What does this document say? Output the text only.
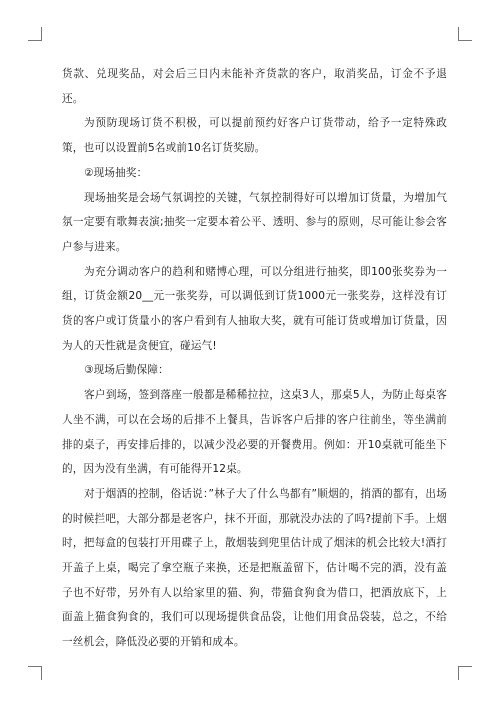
货款、兑现奖品，对会后三日内未能补齐货款的客户，取消奖品，订金不予退还。

为预防现场订货不积极，可以提前预约好客户订货带动，给予一定特殊政策，也可以设置前5名或前10名订货奖励。

②现场抽奖：

现场抽奖是会场气氛调控的关键，气氛控制得好可以增加订货量，为增加气氛一定要有歌舞表演;抽奖一定要本着公平、透明、参与的原则，尽可能让参会客户参与进来。

为充分调动客户的趋利和赌博心理，可以分组进行抽奖，即100张奖券为一组，订货金额20__元一张奖券，可以调低到订货1000元一张奖券，这样没有订货的客户或订货量小的客户看到有人抽取大奖，就有可能订货或增加订货量，因为人的天性就是贪便宜，碰运气!

③现场后勤保障：

客户到场，签到落座一般都是稀稀拉拉，这桌3人，那桌5人，为防止每桌客人坐不满，可以在会场的后排不上餐具，告诉客户后排的客户往前坐，等坐满前排的桌子，再安排后排的，以减少没必要的开餐费用。例如：开10桌就可能坐下的，因为没有坐满，有可能得开12桌。

对于烟酒的控制，俗话说：”林子大了什么鸟都有”顺烟的，捎酒的都有，出场的时候拦吧，大部分都是老客户，抹不开面，那就没办法的了吗?提前下手。上烟时，把每盒的包装打开用碟子上，散烟装到兜里估计成了烟沫的机会比较大!酒打开盖子上桌，喝完了拿空瓶子来换，还是把瓶盖留下，估计喝不完的酒，没有盖子也不好带，另外有人以给家里的猫、狗，带猫食狗食为借口，把酒放底下，上面盖上猫食狗食的，我们可以现场提供食品袋，让他们用食品袋装，总之，不给一丝机会，降低没必要的开销和成本。
